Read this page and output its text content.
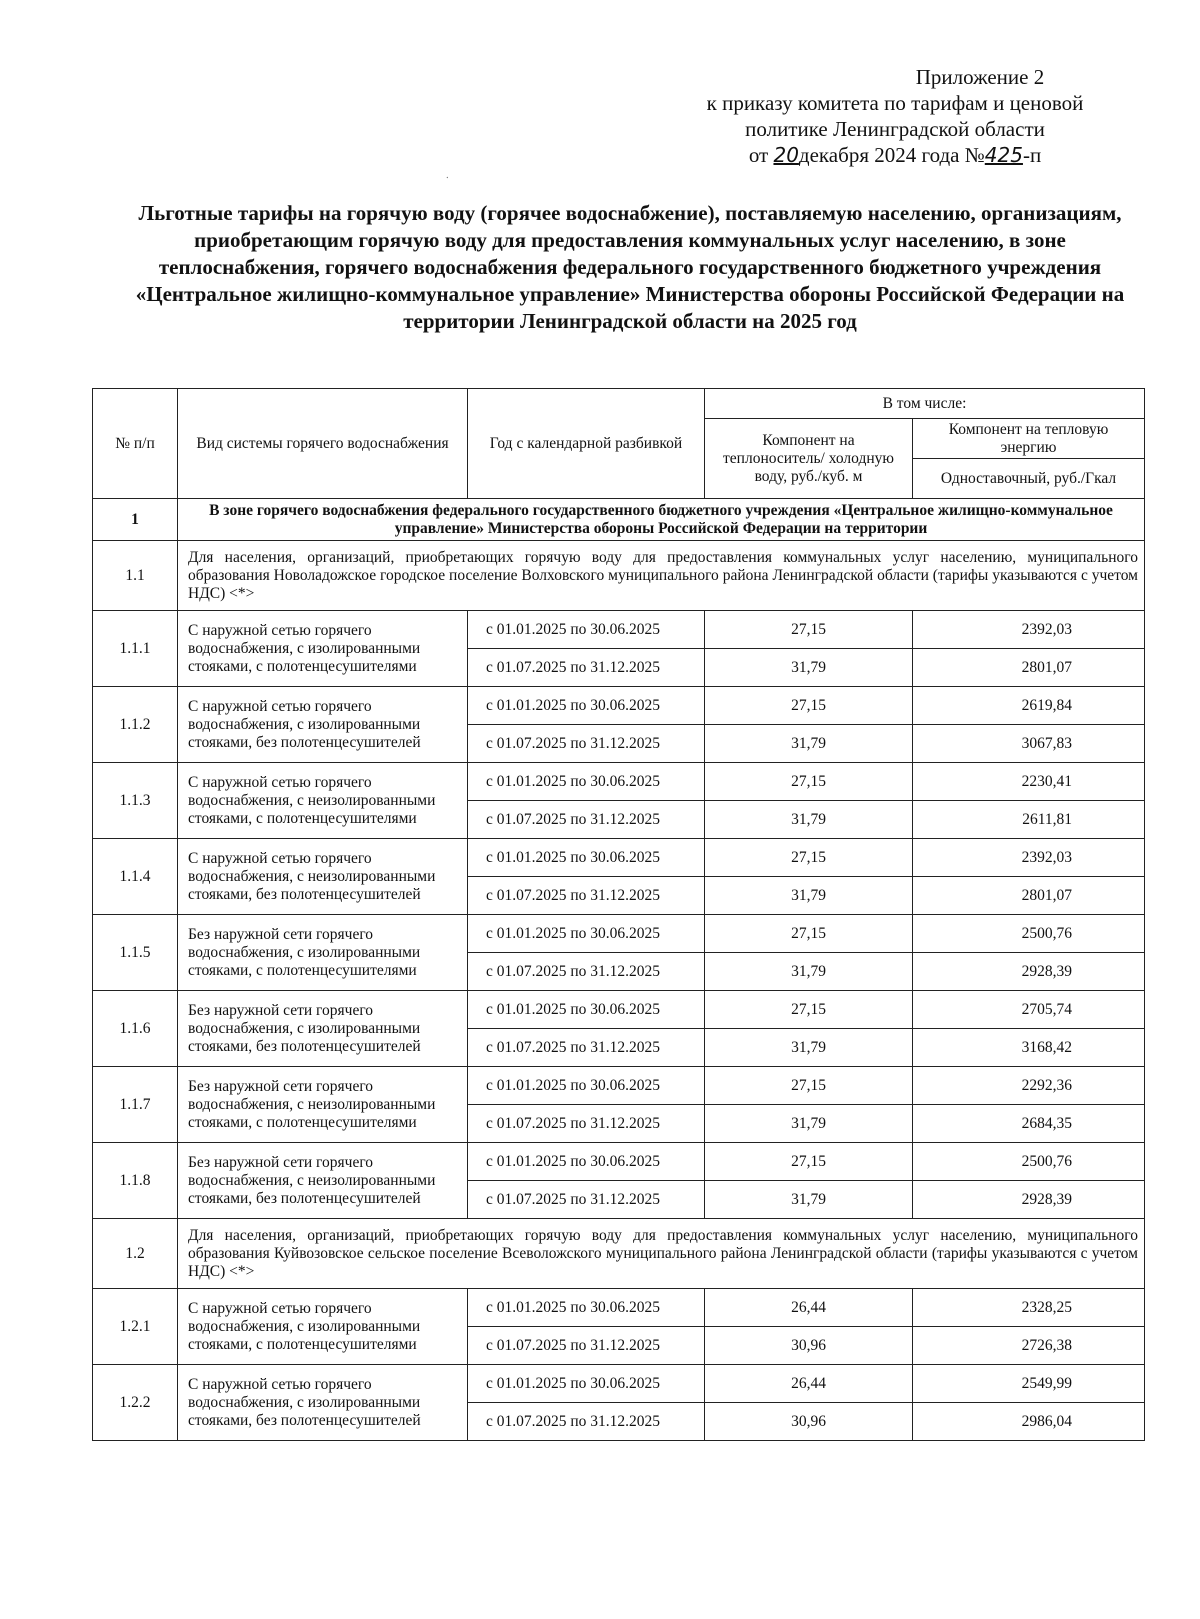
Приложение 2
к приказу комитета по тарифам и ценовой
политике Ленинградской области
от 20декабря 2024 года №425-п
Льготные тарифы на горячую воду (горячее водоснабжение), поставляемую населению, организациям, приобретающим горячую воду для предоставления коммунальных услуг населению, в зоне теплоснабжения, горячего водоснабжения федерального государственного бюджетного учреждения «Центральное жилищно-коммунальное управление» Министерства обороны Российской Федерации на территории Ленинградской области на 2025 год
№ п/п	Вид системы горячего водоснабжения	Год с календарной разбивкой	В том числе:	
			Компонент на теплоноситель/ холодную воду, руб./куб. м	Компонент на тепловую энергию
				Одноставочный, руб./Гкал
1	В зоне горячего водоснабжения федерального государственного бюджетного учреждения «Центральное жилищно-коммунальное управление» Министерства обороны Российской Федерации на территории			
1.1	Для населения, организаций, приобретающих горячую воду для предоставления коммунальных услуг населению, муниципального образования Новоладожское городское поселение Волховского муниципального района Ленинградской области (тарифы указываются с учетом НДС) <*>			
1.1.1	С наружной сетью горячего водоснабжения, с изолированными стояками, с полотенцесушителями	с 01.01.2025 по 30.06.2025	27,15	2392,03
		с 01.07.2025 по 31.12.2025	31,79	2801,07
1.1.2	С наружной сетью горячего водоснабжения, с изолированными стояками, без полотенцесушителей	с 01.01.2025 по 30.06.2025	27,15	2619,84
		с 01.07.2025 по 31.12.2025	31,79	3067,83
1.1.3	С наружной сетью горячего водоснабжения, с неизолированными стояками, с полотенцесушителями	с 01.01.2025 по 30.06.2025	27,15	2230,41
		с 01.07.2025 по 31.12.2025	31,79	2611,81
1.1.4	С наружной сетью горячего водоснабжения, с неизолированными стояками, без полотенцесушителей	с 01.01.2025 по 30.06.2025	27,15	2392,03
		с 01.07.2025 по 31.12.2025	31,79	2801,07
1.1.5	Без наружной сети горячего водоснабжения, с изолированными стояками, с полотенцесушителями	с 01.01.2025 по 30.06.2025	27,15	2500,76
		с 01.07.2025 по 31.12.2025	31,79	2928,39
1.1.6	Без наружной сети горячего водоснабжения, с изолированными стояками, без полотенцесушителей	с 01.01.2025 по 30.06.2025	27,15	2705,74
		с 01.07.2025 по 31.12.2025	31,79	3168,42
1.1.7	Без наружной сети горячего водоснабжения, с неизолированными стояками, с полотенцесушителями	с 01.01.2025 по 30.06.2025	27,15	2292,36
		с 01.07.2025 по 31.12.2025	31,79	2684,35
1.1.8	Без наружной сети горячего водоснабжения, с неизолированными стояками, без полотенцесушителей	с 01.01.2025 по 30.06.2025	27,15	2500,76
		с 01.07.2025 по 31.12.2025	31,79	2928,39
1.2	Для населения, организаций, приобретающих горячую воду для предоставления коммунальных услуг населению, муниципального образования Куйвозовское сельское поселение Всеволожского муниципального района Ленинградской области (тарифы указываются с учетом НДС) <*>			
1.2.1	С наружной сетью горячего водоснабжения, с изолированными стояками, с полотенцесушителями	с 01.01.2025 по 30.06.2025	26,44	2328,25
		с 01.07.2025 по 31.12.2025	30,96	2726,38
1.2.2	С наружной сетью горячего водоснабжения, с изолированными стояками, без полотенцесушителей	с 01.01.2025 по 30.06.2025	26,44	2549,99
		с 01.07.2025 по 31.12.2025	30,96	2986,04
⸱
